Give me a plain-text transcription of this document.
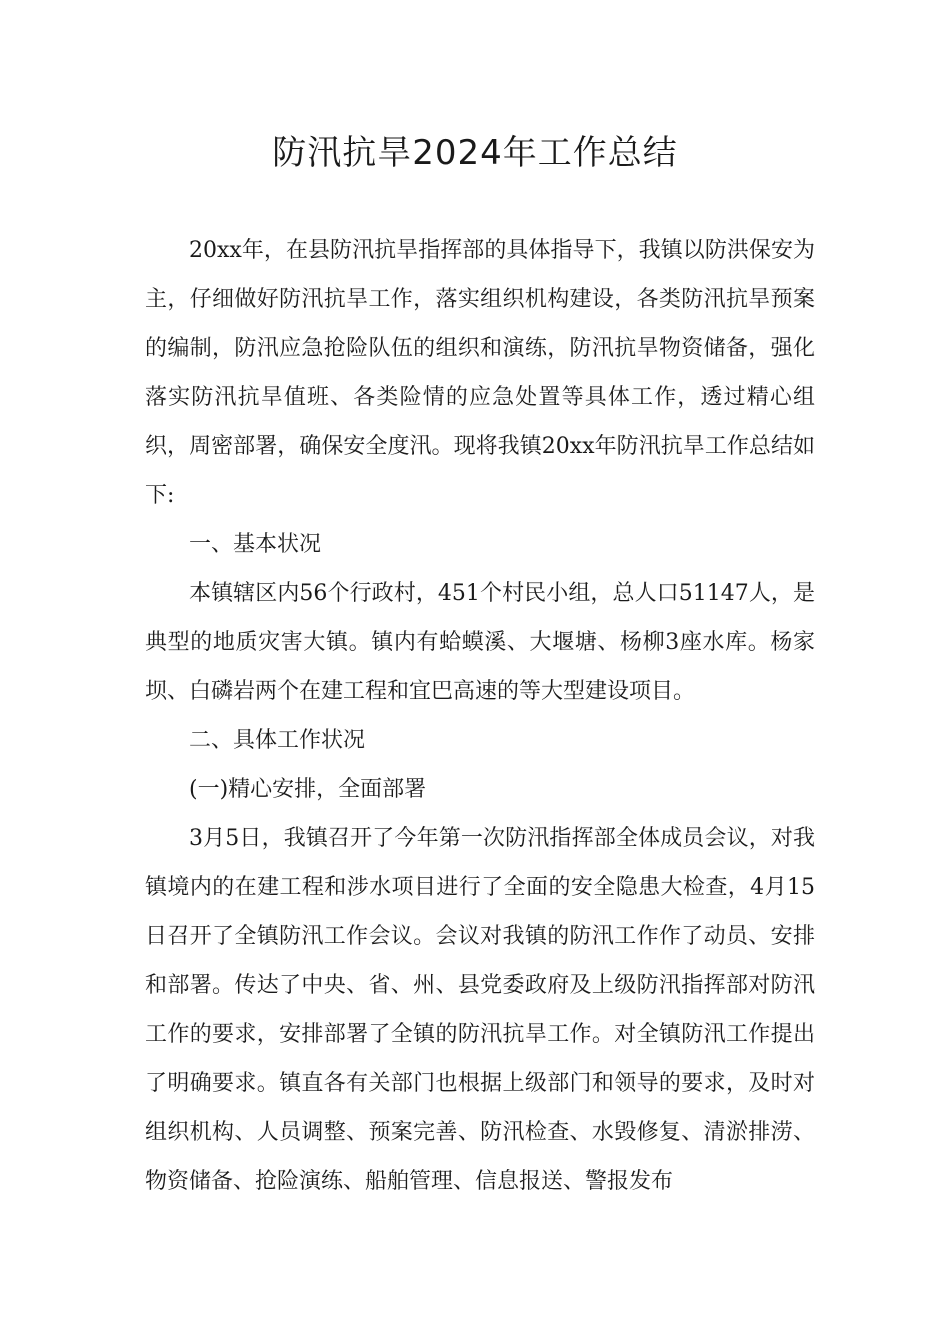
防汛抗旱2024年工作总结

20xx年，在县防汛抗旱指挥部的具体指导下，我镇以防洪保安为主，仔细做好防汛抗旱工作，落实组织机构建设，各类防汛抗旱预案的编制，防汛应急抢险队伍的组织和演练，防汛抗旱物资储备，强化落实防汛抗旱值班、各类险情的应急处置等具体工作，透过精心组织，周密部署，确保安全度汛。现将我镇20xx年防汛抗旱工作总结如下:

一、基本状况

本镇辖区内56个行政村，451个村民小组，总人口51147人，是典型的地质灾害大镇。镇内有蛤蟆溪、大堰塘、杨柳3座水库。杨家坝、白磷岩两个在建工程和宜巴高速的等大型建设项目。

二、具体工作状况

(一)精心安排，全面部署

3月5日，我镇召开了今年第一次防汛指挥部全体成员会议，对我镇境内的在建工程和涉水项目进行了全面的安全隐患大检查，4月15日召开了全镇防汛工作会议。会议对我镇的防汛工作作了动员、安排和部署。传达了中央、省、州、县党委政府及上级防汛指挥部对防汛工作的要求，安排部署了全镇的防汛抗旱工作。对全镇防汛工作提出了明确要求。镇直各有关部门也根据上级部门和领导的要求，及时对组织机构、人员调整、预案完善、防汛检查、水毁修复、清淤排涝、物资储备、抢险演练、船舶管理、信息报送、警报发布
